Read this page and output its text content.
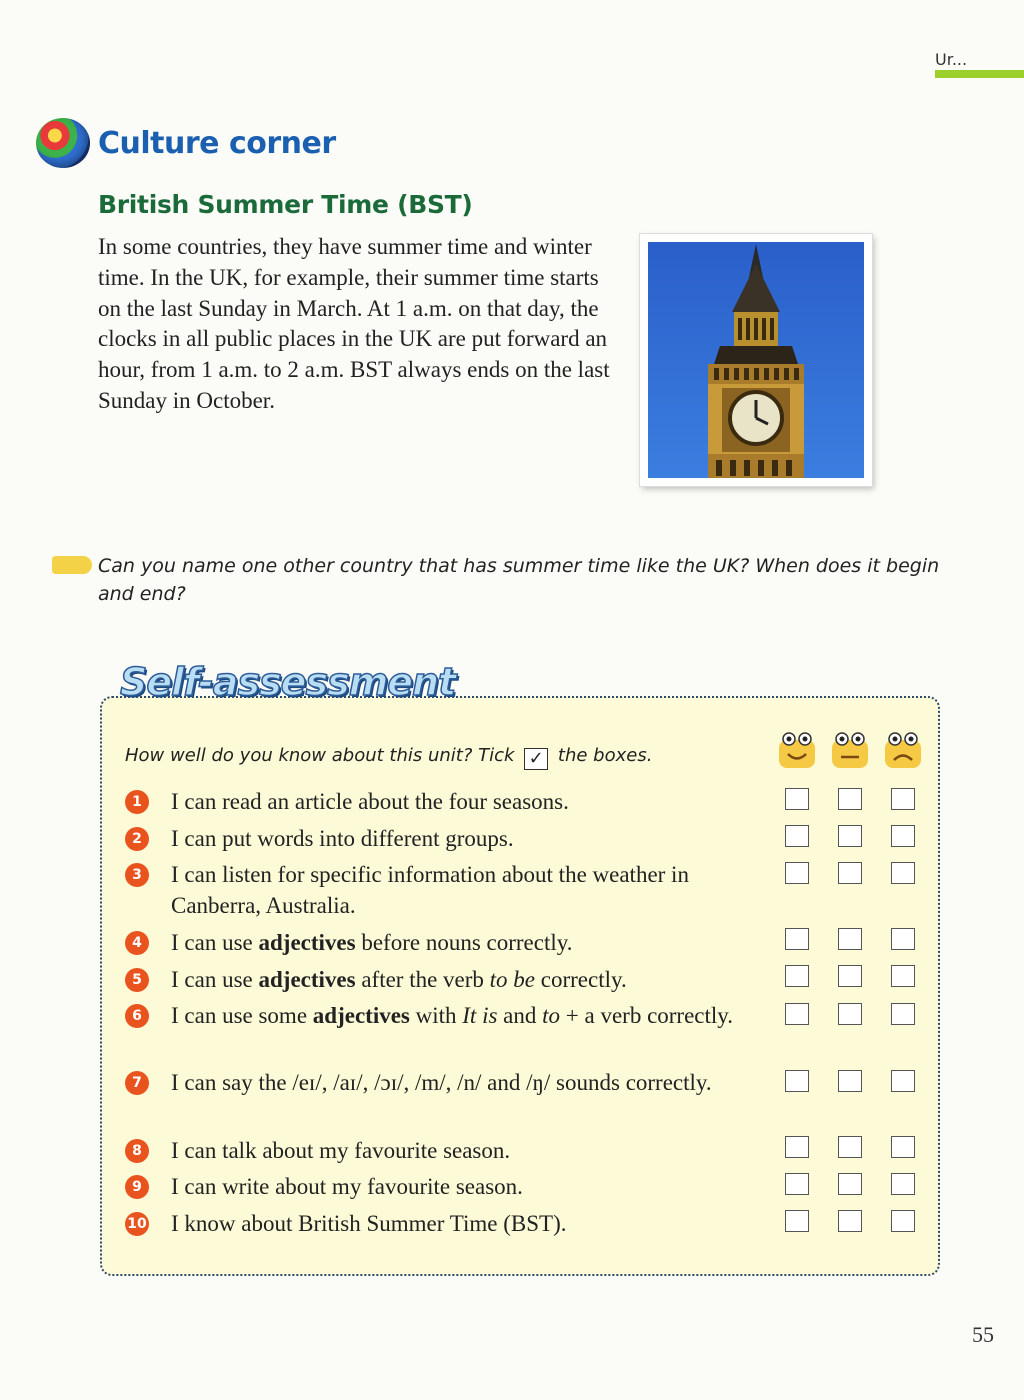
Ur...
Culture corner
British Summer Time (BST)
In some countries, they have summer time and winter time. In the UK, for example, their summer time starts on the last Sunday in March. At 1 a.m. on that day, the clocks in all public places in the UK are put forward an hour, from 1 a.m. to 2 a.m. BST always ends on the last Sunday in October.
Can you name one other country that has summer time like the UK? When does it begin and end?
Self-assessment
How well do you know about this unit? Tick ✓ the boxes.
1	I can read an article about the four seasons.
2	I can put words into different groups.
3	I can listen for specific information about the weather in Canberra, Australia.
4	I can use adjectives before nouns correctly.
5	I can use adjectives after the verb to be correctly.
6	I can use some adjectives with It is and to + a verb correctly.
7	I can say the /eɪ/, /aɪ/, /ɔɪ/, /m/, /n/ and /ŋ/ sounds correctly.
8	I can talk about my favourite season.
9	I can write about my favourite season.
10 I know about British Summer Time (BST).
55
